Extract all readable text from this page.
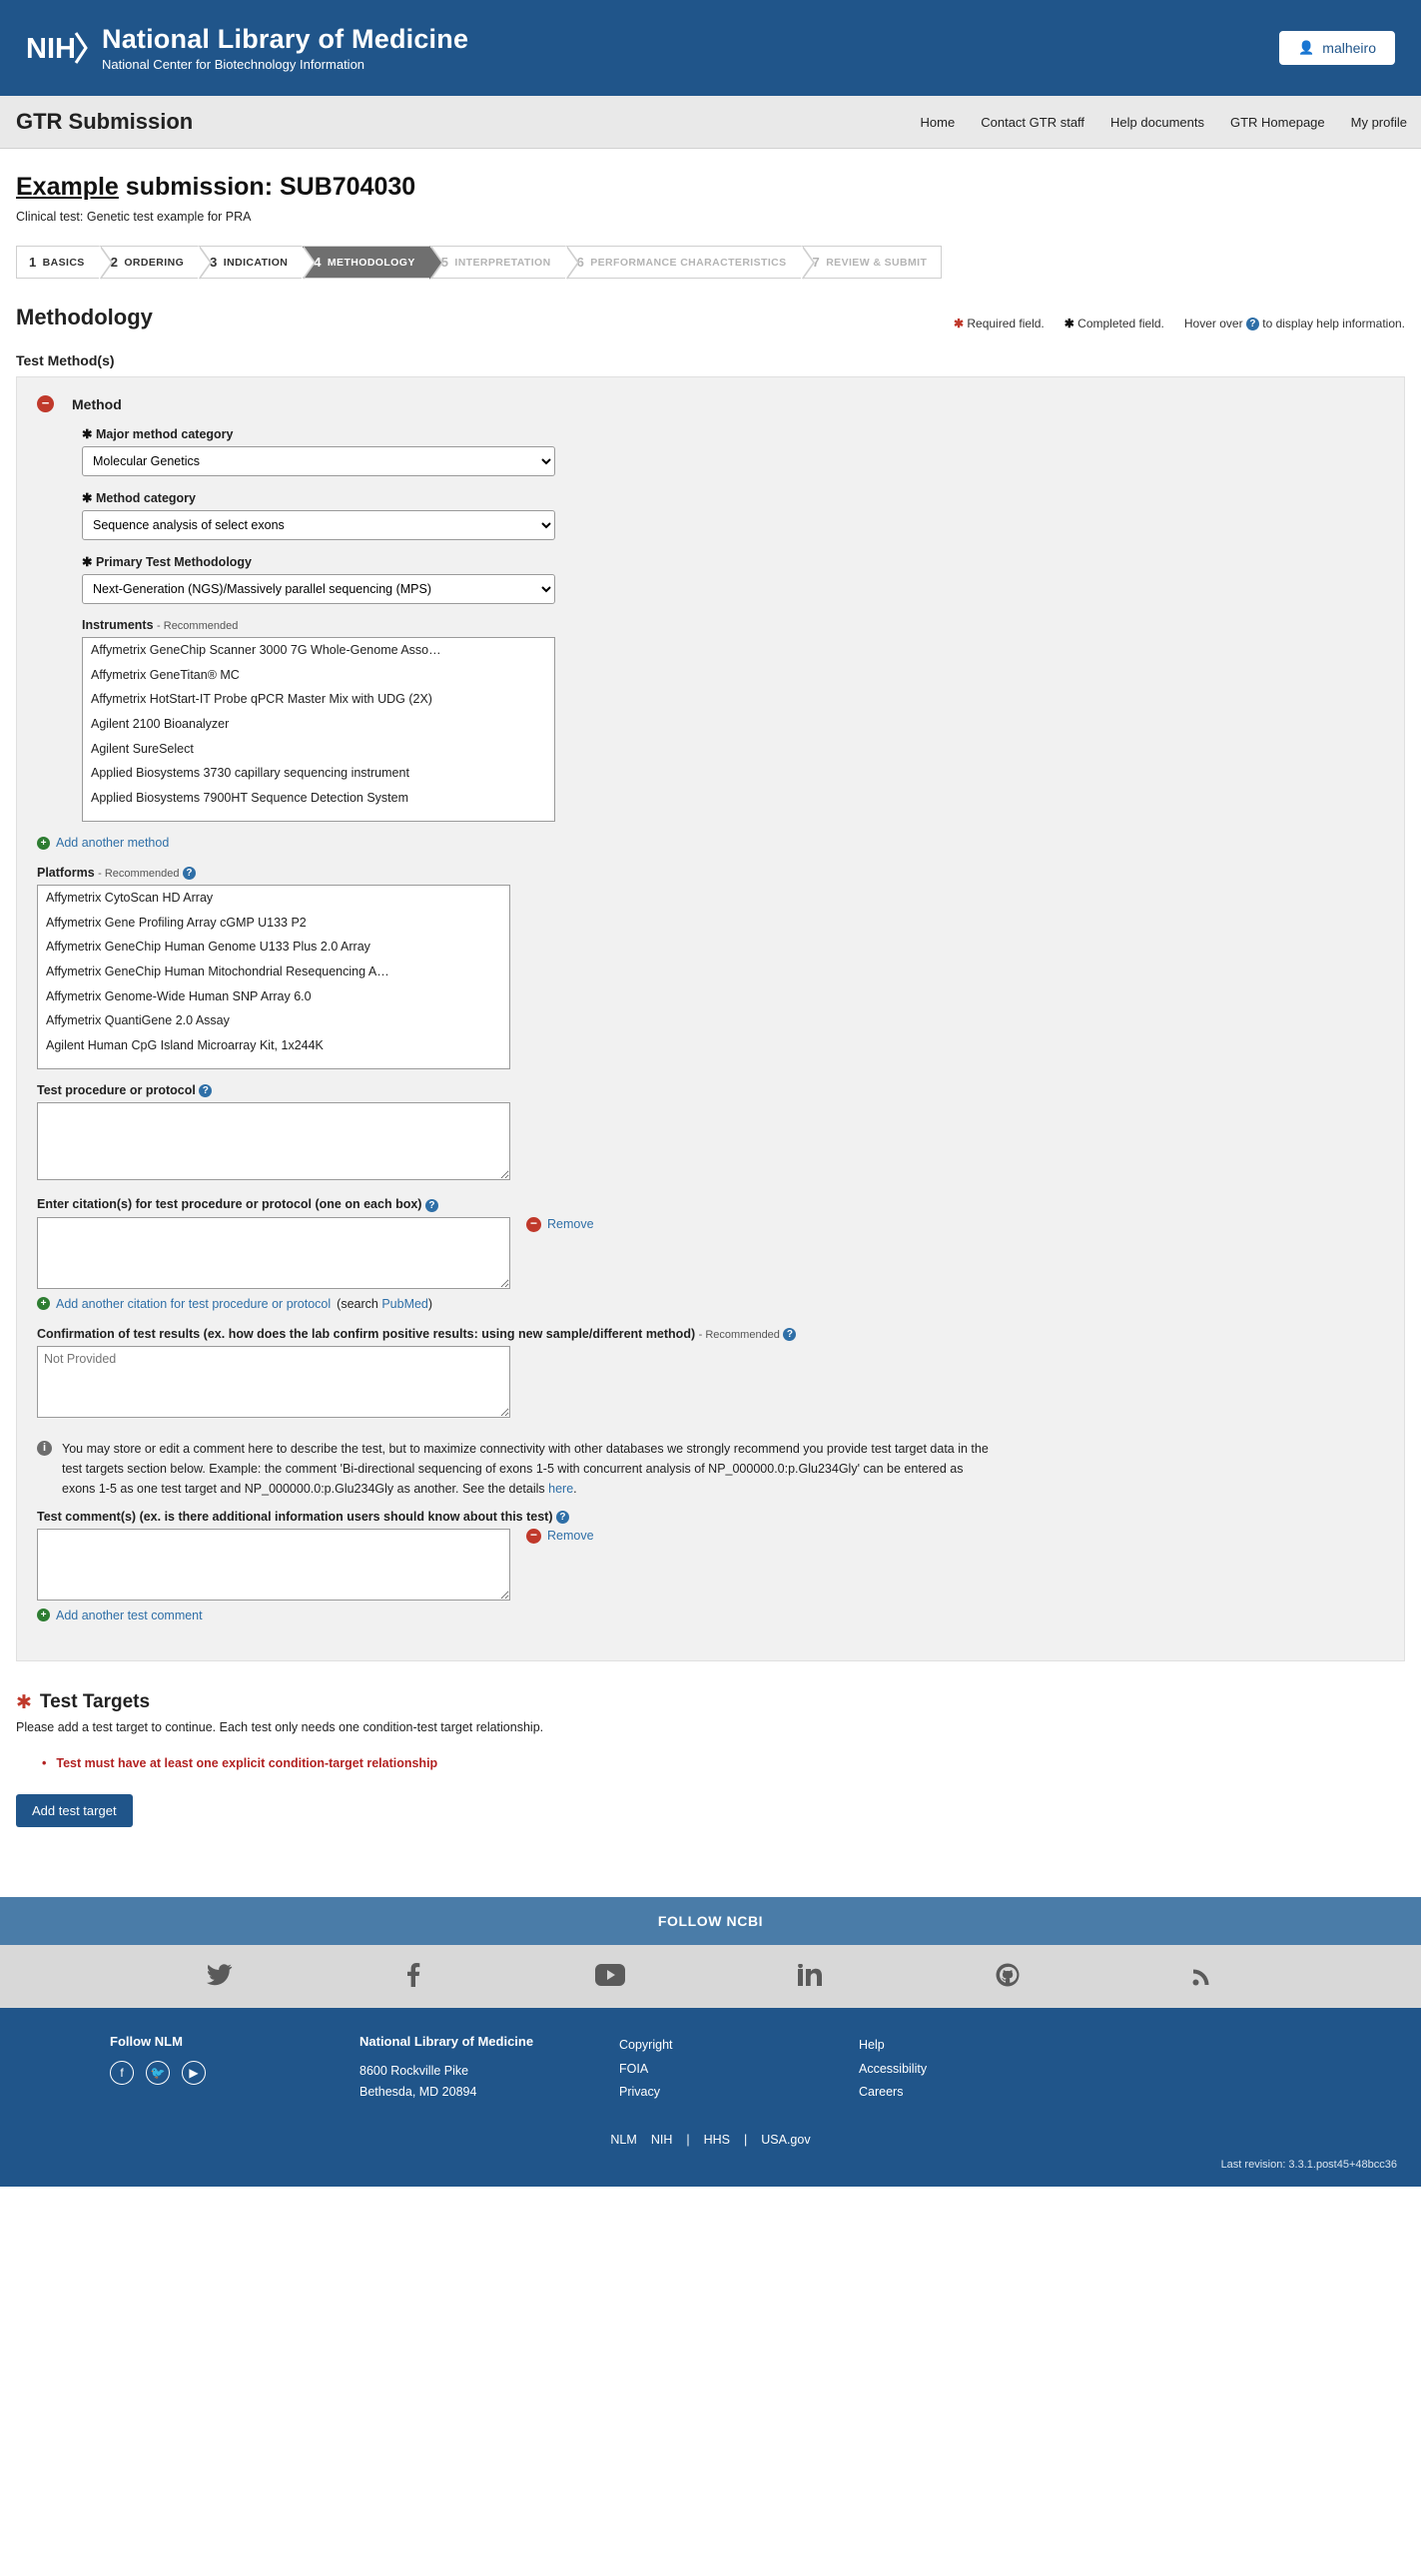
NIH National Library of Medicine
National Center for Biotechnology Information
👤 malheiro
GTR Submission	Home Contact GTR staff Help documents GTR Homepage My profile
Example submission: SUB704030
Clinical test: Genetic test example for PRA
1 BASICS 2 ORDERING 3 INDICATION 4 METHODOLOGY 5 INTERPRETATION 6 PERFORMANCE CHARACTERISTICS 7 REVIEW & SUBMIT
Methodology	✱ Required field. ✱ Completed field. Hover over ? to display help information.
Test Method(s)
−	Method
✱ Major method category
Molecular Genetics
✱ Method category
Sequence analysis of select exons
✱ Primary Test Methodology
Next-Generation (NGS)/Massively parallel sequencing (MPS)
Instruments - Recommended
Affymetrix GeneChip Scanner 3000 7G Whole-Genome Asso…
Affymetrix GeneTitan® MC
Affymetrix HotStart-IT Probe qPCR Master Mix with UDG (2X)
Agilent 2100 Bioanalyzer
Agilent SureSelect
Applied Biosystems 3730 capillary sequencing instrument
Applied Biosystems 7900HT Sequence Detection System
+ Add another method
Platforms - Recommended ?
Affymetrix CytoScan HD Array
Affymetrix Gene Profiling Array cGMP U133 P2
Affymetrix GeneChip Human Genome U133 Plus 2.0 Array
Affymetrix GeneChip Human Mitochondrial Resequencing A…
Affymetrix Genome-Wide Human SNP Array 6.0
Affymetrix QuantiGene 2.0 Assay
Agilent Human CpG Island Microarray Kit, 1x244K
Test procedure or protocol ?
Enter citation(s) for test procedure or protocol (one on each box) ?
− Remove
+ Add another citation for test procedure or protocol (search PubMed)
Confirmation of test results (ex. how does the lab confirm positive results: using new sample/different method) - Recommended ?
Not Provided
i	You may store or edit a comment here to describe the test, but to maximize connectivity with other databases we strongly recommend you provide test target data in the test targets section below. Example: the comment 'Bi-directional sequencing of exons 1-5 with concurrent analysis of NP_000000.0:p.Glu234Gly' can be entered as exons 1-5 as one test target and NP_000000.0:p.Glu234Gly as another. See the details here.
Test comment(s) (ex. is there additional information users should know about this test) ?
− Remove
+ Add another test comment
✱ Test Targets
Please add a test target to continue. Each test only needs one condition-test target relationship.
• Test must have at least one explicit condition-target relationship
Add test target
FOLLOW NCBI
Follow NLM
f	🐦	▶
National Library of Medicine
8600 Rockville Pike
Bethesda, MD 20894
Copyright
FOIA
Privacy
Help
Accessibility
Careers
NLM NIH | HHS | USA.gov
Last revision: 3.3.1.post45+48bcc36
